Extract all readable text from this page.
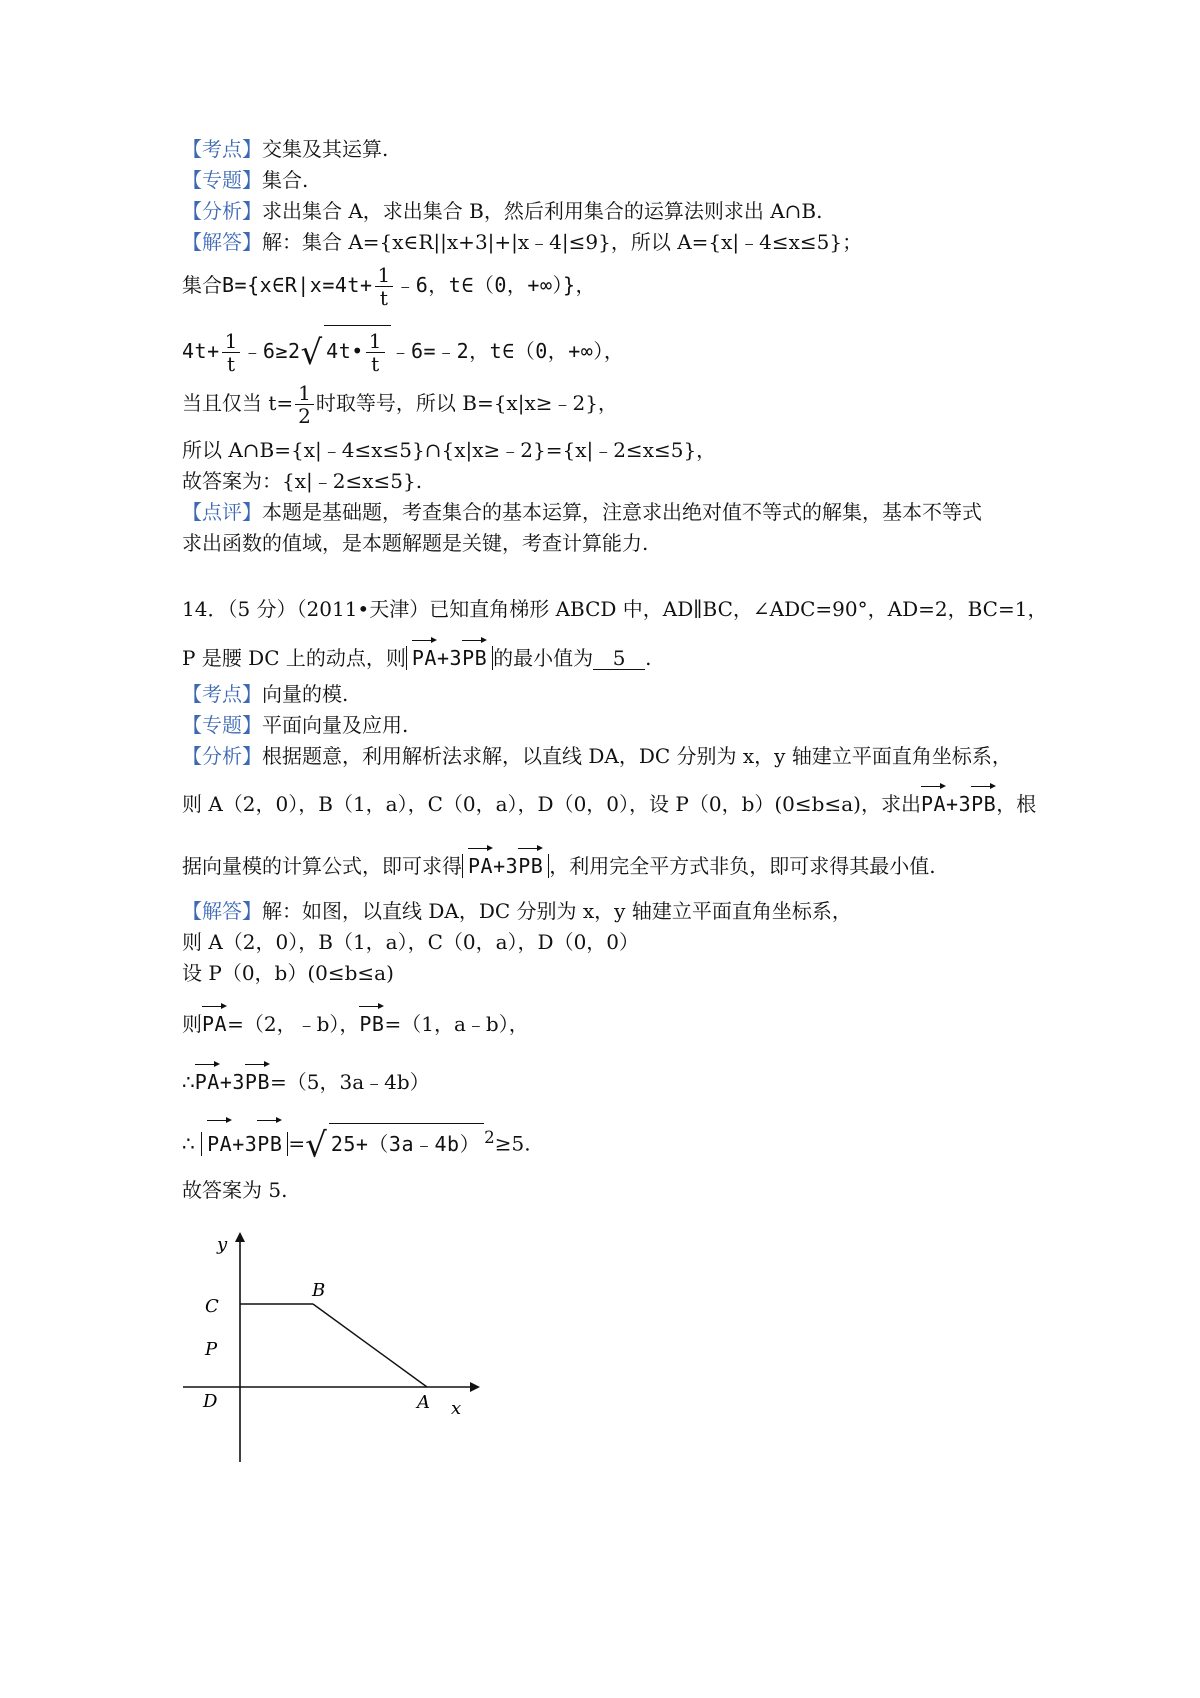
【考点】交集及其运算.
【专题】集合.
【分析】求出集合 A，求出集合 B，然后利用集合的运算法则求出 A∩B.
【解答】解：集合 A={x∈R||x+3|+|x﹣4|≤9}，所以 A={x|﹣4≤x≤5}；
集合B={x∈R|x=4t+ $\frac{1}{t}$ ﹣6，t∈（0，+∞）}，
$4t+ \frac{1}{t}$ ﹣6≥2√ 4t• $\frac{1}{t}$ ﹣6=﹣2，t∈（0，+∞），
当且仅当 $t= \frac{1}{2}$ 时取等号，所以 B={x|x≥﹣2}，
所以 A∩B={x|﹣4≤x≤5}∩{x|x≥﹣2}={x|﹣2≤x≤5}，
故答案为：{x|﹣2≤x≤5}.
【点评】本题是基础题，考查集合的基本运算，注意求出绝对值不等式的解集，基本不等式
求出函数的值域，是本题解题是关键，考查计算能力.
14．（5 分）（2011•天津）已知直角梯形 ABCD 中，AD∥BC，∠ADC=90°，AD=2，BC=1，
P 是腰 DC 上的动点，则 PA+3PB 的最小值为 5 .
【考点】向量的模.
【专题】平面向量及应用.
【分析】根据题意，利用解析法求解，以直线 DA，DC 分别为 x，y 轴建立平面直角坐标系，
则 A（2，0），B（1，a），C（0，a），D（0，0），设 P（0，b）(0≤b≤a)，求出PA+3PB，根
据向量模的计算公式，即可求得 PA+3PB ，利用完全平方式非负，即可求得其最小值.
【解答】解：如图，以直线 DA，DC 分别为 x，y 轴建立平面直角坐标系，
则 A（2，0），B（1，a），C（0，a），D（0，0）
设 P（0，b）(0≤b≤a)
则PA=（2，﹣b），PB=（1，a﹣b），
∴PA+3PB=（5，3a﹣4b）
∴ PA+3PB =√ 25+（3a﹣4b） $^2$≥5.
故答案为 5.
y
x
C
B
P
D	A
